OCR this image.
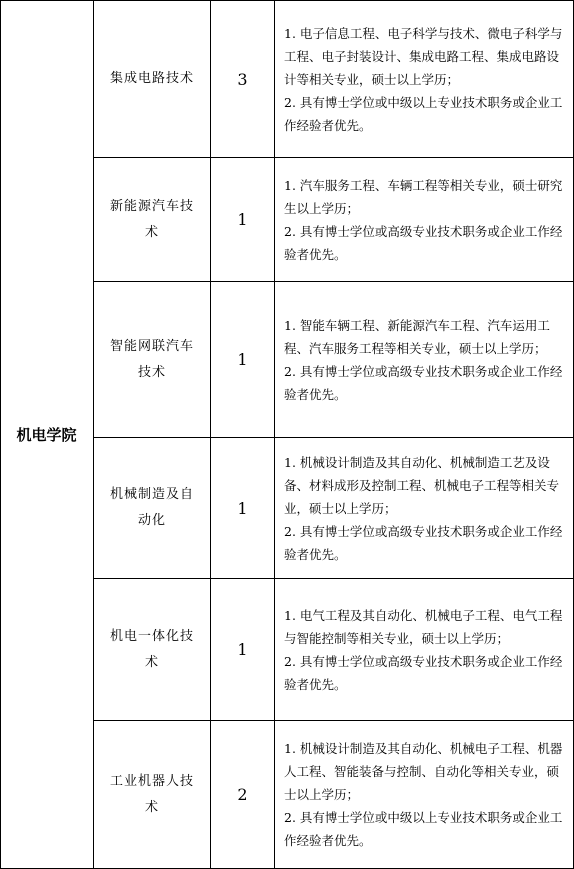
机电学院
集成电路技术	3
1. 电子信息工程、电子科学与技术、微电子科学与工程、电子封装设计、集成电路工程、集成电路设计等相关专业，硕士以上学历；
2. 具有博士学位或中级以上专业技术职务或企业工作经验者优先。
新能源汽车技术
1
1. 汽车服务工程、车辆工程等相关专业，硕士研究生以上学历；
2. 具有博士学位或高级专业技术职务或企业工作经验者优先。
智能网联汽车技术
1
1. 智能车辆工程、新能源汽车工程、汽车运用工程、汽车服务工程等相关专业，硕士以上学历；
2. 具有博士学位或高级专业技术职务或企业工作经验者优先。
机械制造及自动化
1
1. 机械设计制造及其自动化、机械制造工艺及设备、材料成形及控制工程、机械电子工程等相关专业，硕士以上学历；
2. 具有博士学位或高级专业技术职务或企业工作经验者优先。
机电一体化技术
1
1. 电气工程及其自动化、机械电子工程、电气工程与智能控制等相关专业，硕士以上学历；
2. 具有博士学位或高级专业技术职务或企业工作经验者优先。
工业机器人技术
2
1. 机械设计制造及其自动化、机械电子工程、机器人工程、智能装备与控制、自动化等相关专业，硕士以上学历；
2. 具有博士学位或中级以上专业技术职务或企业工作经验者优先。
